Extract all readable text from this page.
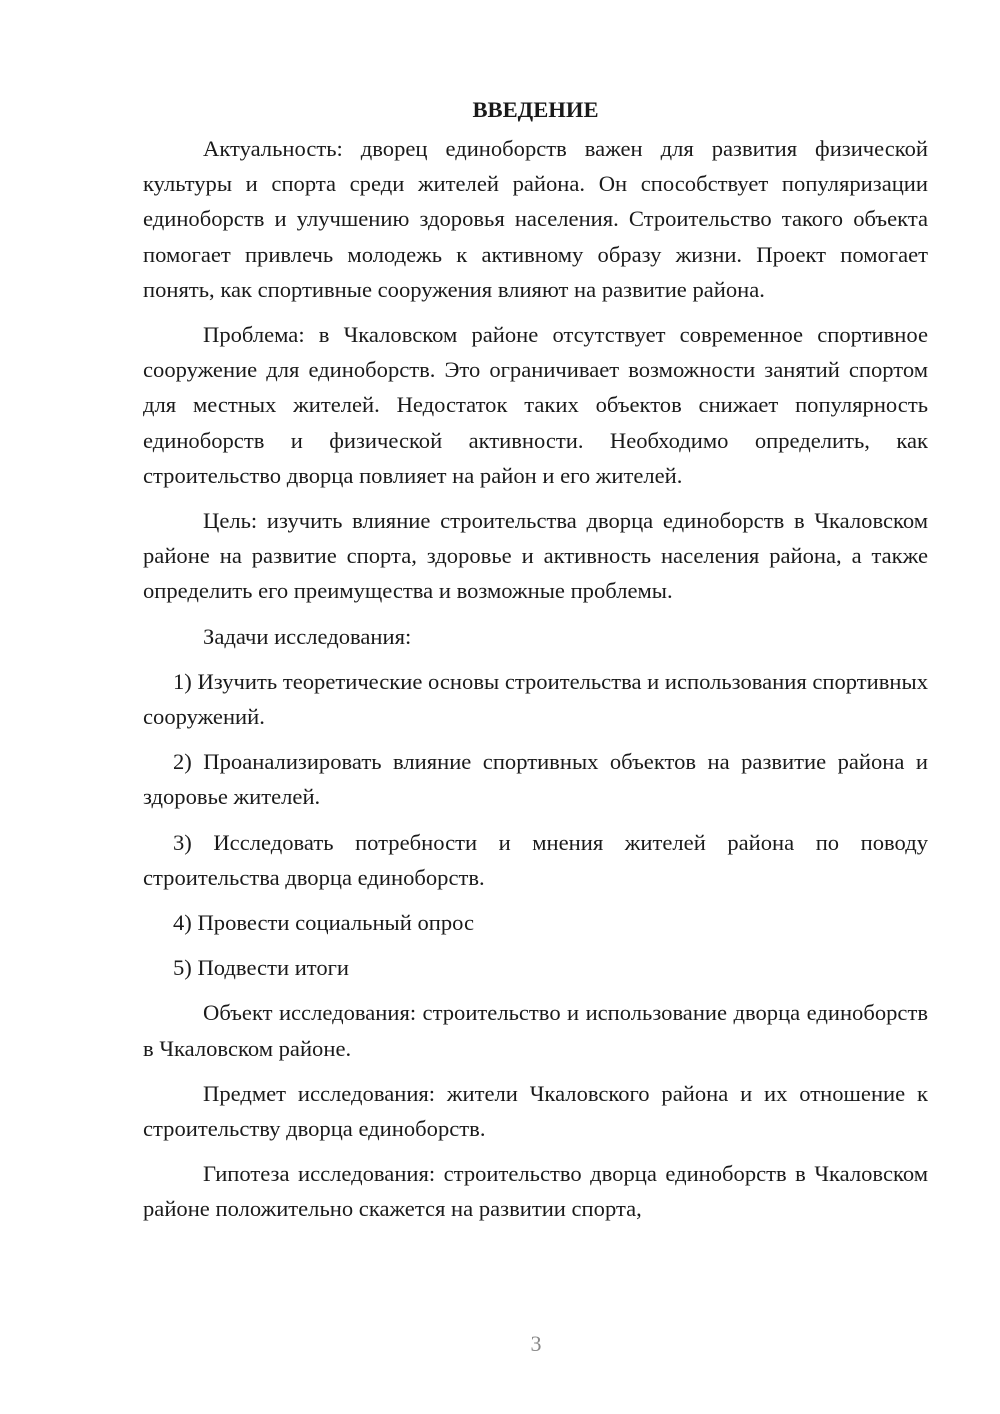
ВВЕДЕНИЕ

Актуальность: дворец единоборств важен для развития физической культуры и спорта среди жителей района. Он способствует популяризации единоборств и улучшению здоровья населения. Строительство такого объекта помогает привлечь молодежь к активному образу жизни. Проект помогает понять, как спортивные сооружения влияют на развитие района.

Проблема: в Чкаловском районе отсутствует современное спортивное сооружение для единоборств. Это ограничивает возможности занятий спортом для местных жителей. Недостаток таких объектов снижает популярность единоборств и физической активности. Необходимо определить, как строительство дворца повлияет на район и его жителей.

Цель: изучить влияние строительства дворца единоборств в Чкаловском районе на развитие спорта, здоровье и активность населения района, а также определить его преимущества и возможные проблемы.

Задачи исследования:

1) Изучить теоретические основы строительства и использования спортивных сооружений.

2) Проанализировать влияние спортивных объектов на развитие района и здоровье жителей.

3) Исследовать потребности и мнения жителей района по поводу строительства дворца единоборств.

4) Провести социальный опрос

5) Подвести итоги

Объект исследования: строительство и использование дворца единоборств в Чкаловском районе.

Предмет исследования: жители Чкаловского района и их отношение к строительству дворца единоборств.

Гипотеза исследования: строительство дворца единоборств в Чкаловском районе положительно скажется на развитии спорта,

3
